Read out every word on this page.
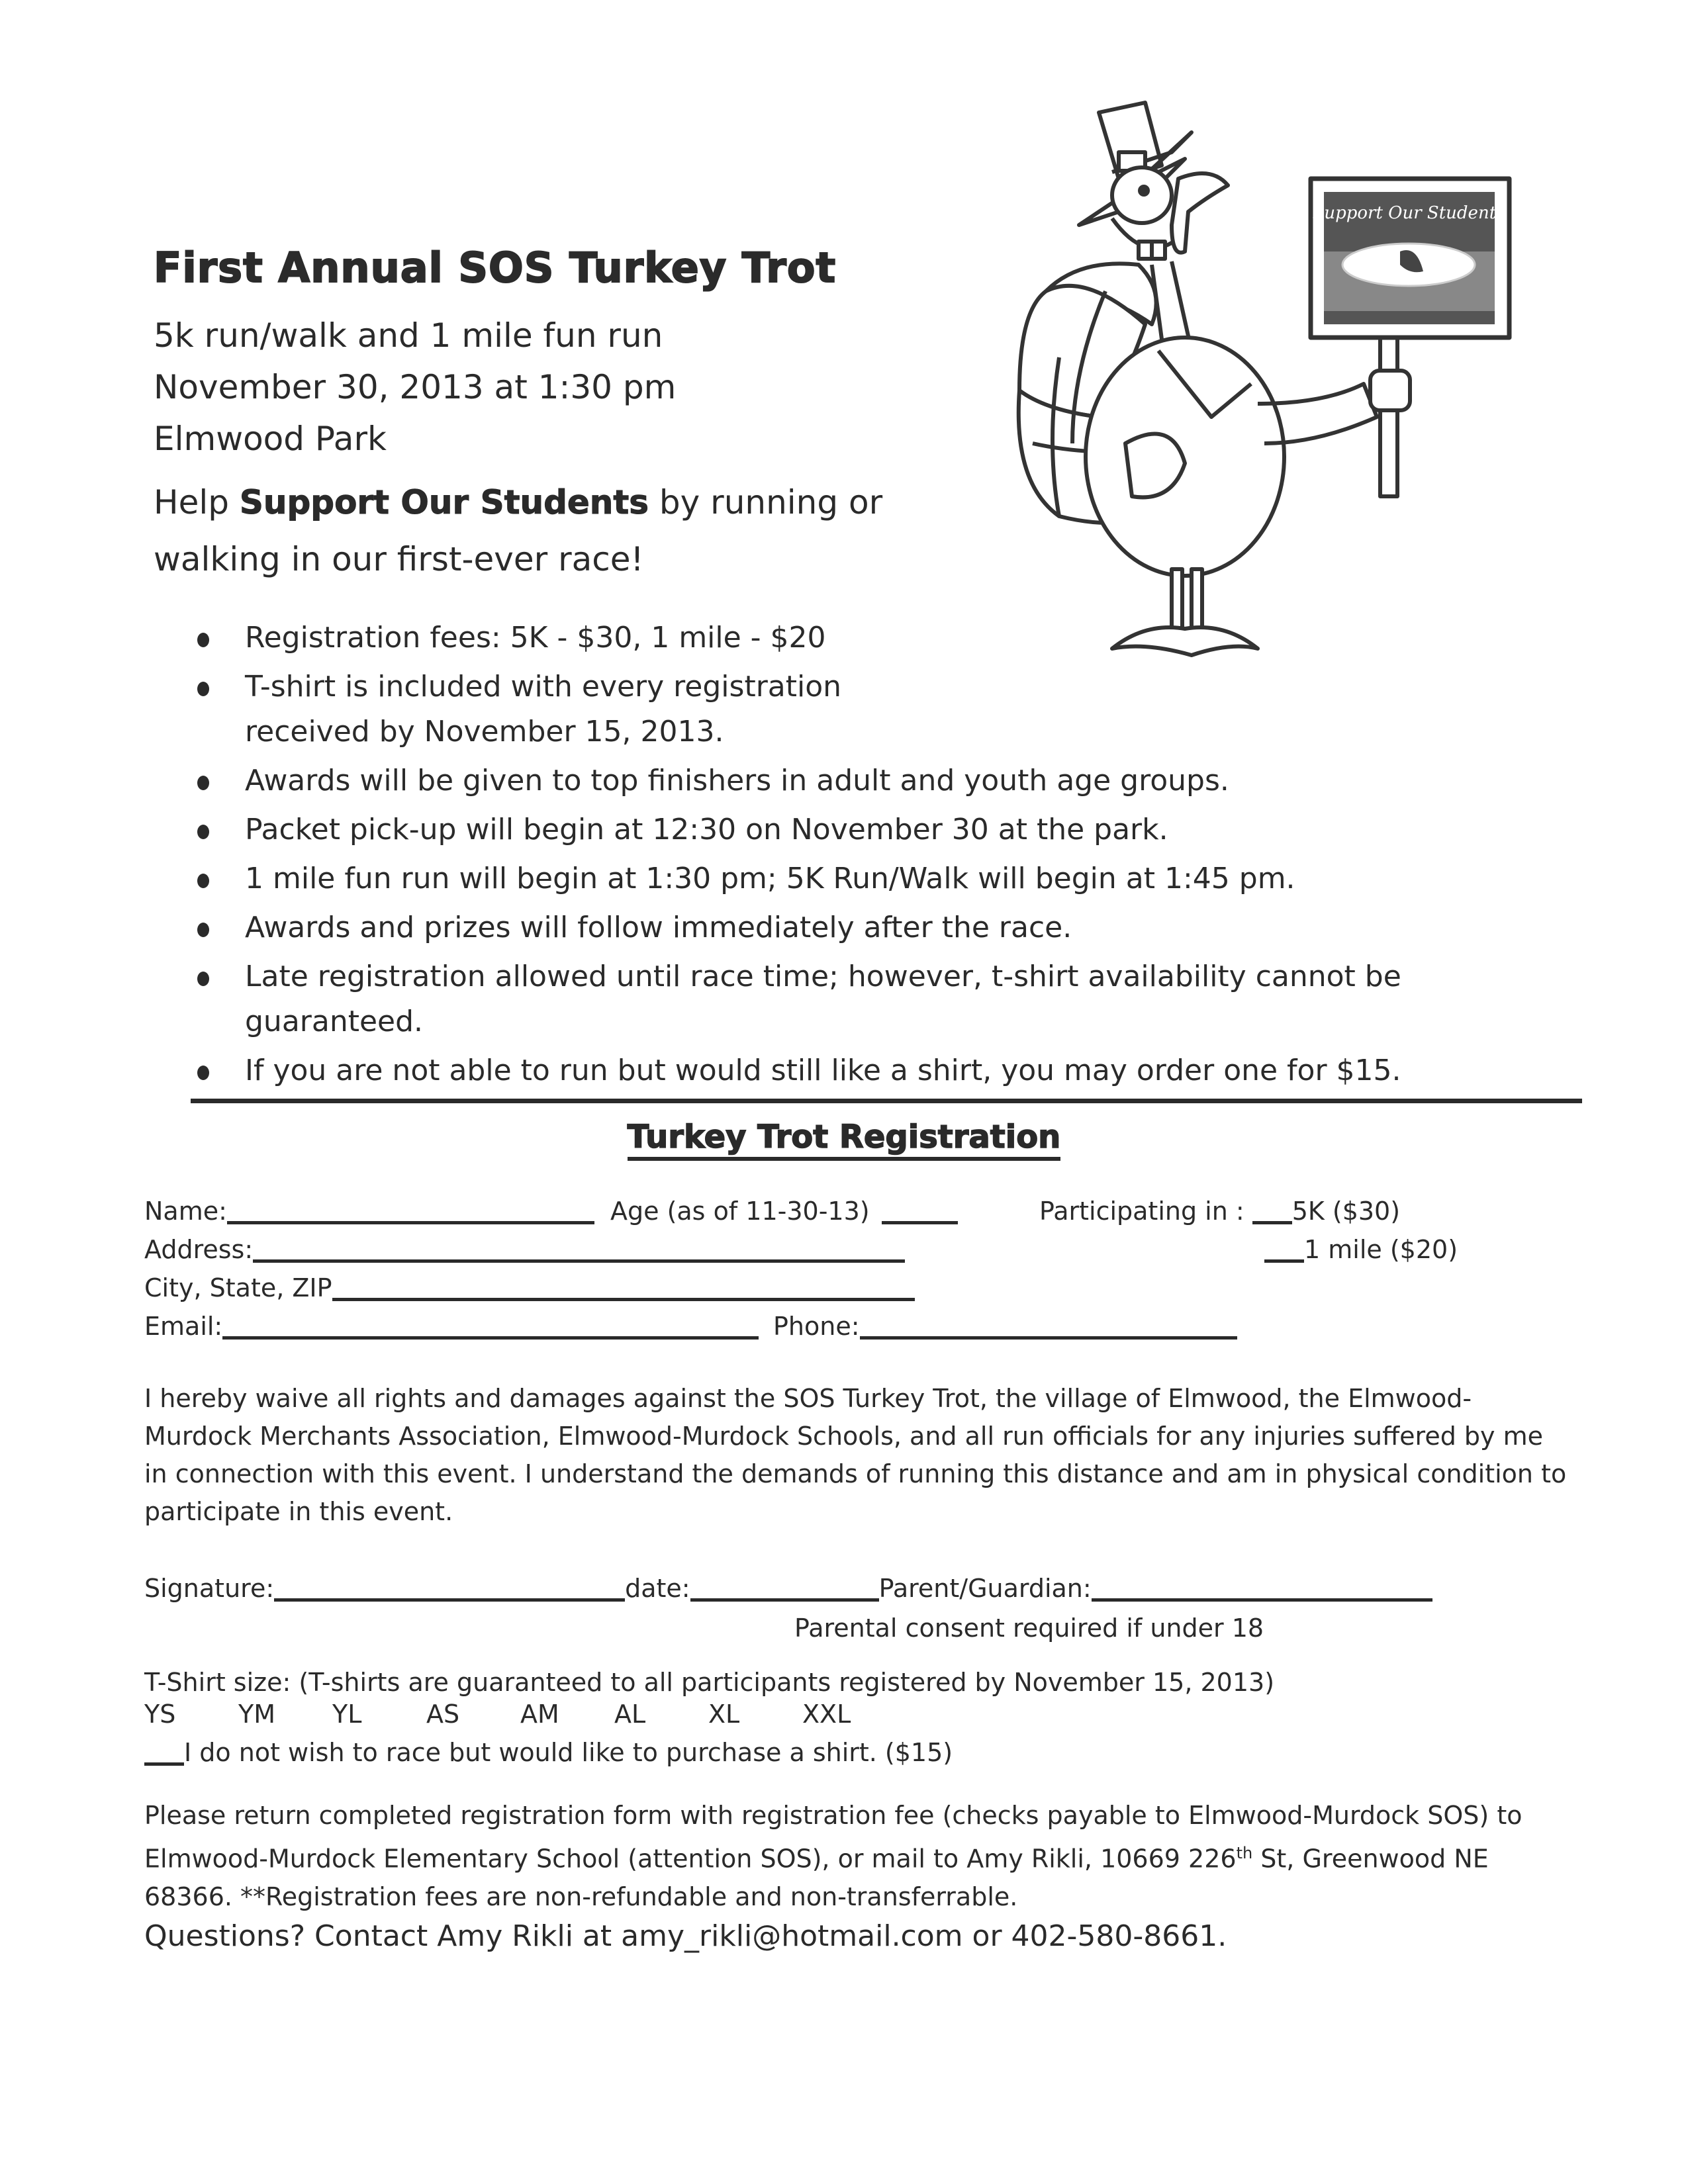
First Annual SOS Turkey Trot
5k run/walk and 1 mile fun run
November 30, 2013 at 1:30 pm
Elmwood Park
Help Support Our Students by running or
walking in our first-ever race!
Support Our Students
Registration fees: 5K - $30, 1 mile - $20
T-shirt is included with every registration received by November 15, 2013.
Awards will be given to top finishers in adult and youth age groups.
Packet pick-up will begin at 12:30 on November 30 at the park.
1 mile fun run will begin at 1:30 pm; 5K Run/Walk will begin at 1:45 pm.
Awards and prizes will follow immediately after the race.
Late registration allowed until race time; however, t-shirt availability cannot be guaranteed.
If you are not able to run but would still like a shirt, you may order one for $15.
Turkey Trot Registration
Name:	Age (as of 11-30-13)	Participating in : 5K ($30)
1 mile ($20)
Address:
City, State, ZIP
Email:	Phone:
I hereby waive all rights and damages against the SOS Turkey Trot, the village of Elmwood, the Elmwood-Murdock Merchants Association, Elmwood-Murdock Schools, and all run officials for any injuries suffered by me in connection with this event. I understand the demands of running this distance and am in physical condition to participate in this event.
Signature:	date:	Parent/Guardian:
Parental consent required if under 18
T-Shirt size: (T-shirts are guaranteed to all participants registered by November 15, 2013)
YS	YM	YL	AS	AM	AL	XL	XXL
I do not wish to race but would like to purchase a shirt. ($15)
Please return completed registration form with registration fee (checks payable to Elmwood-Murdock SOS) to Elmwood-Murdock Elementary School (attention SOS), or mail to Amy Rikli, 10669 226th St, Greenwood NE 68366. **Registration fees are non-refundable and non-transferrable.
Questions? Contact Amy Rikli at amy_rikli@hotmail.com or 402-580-8661.
